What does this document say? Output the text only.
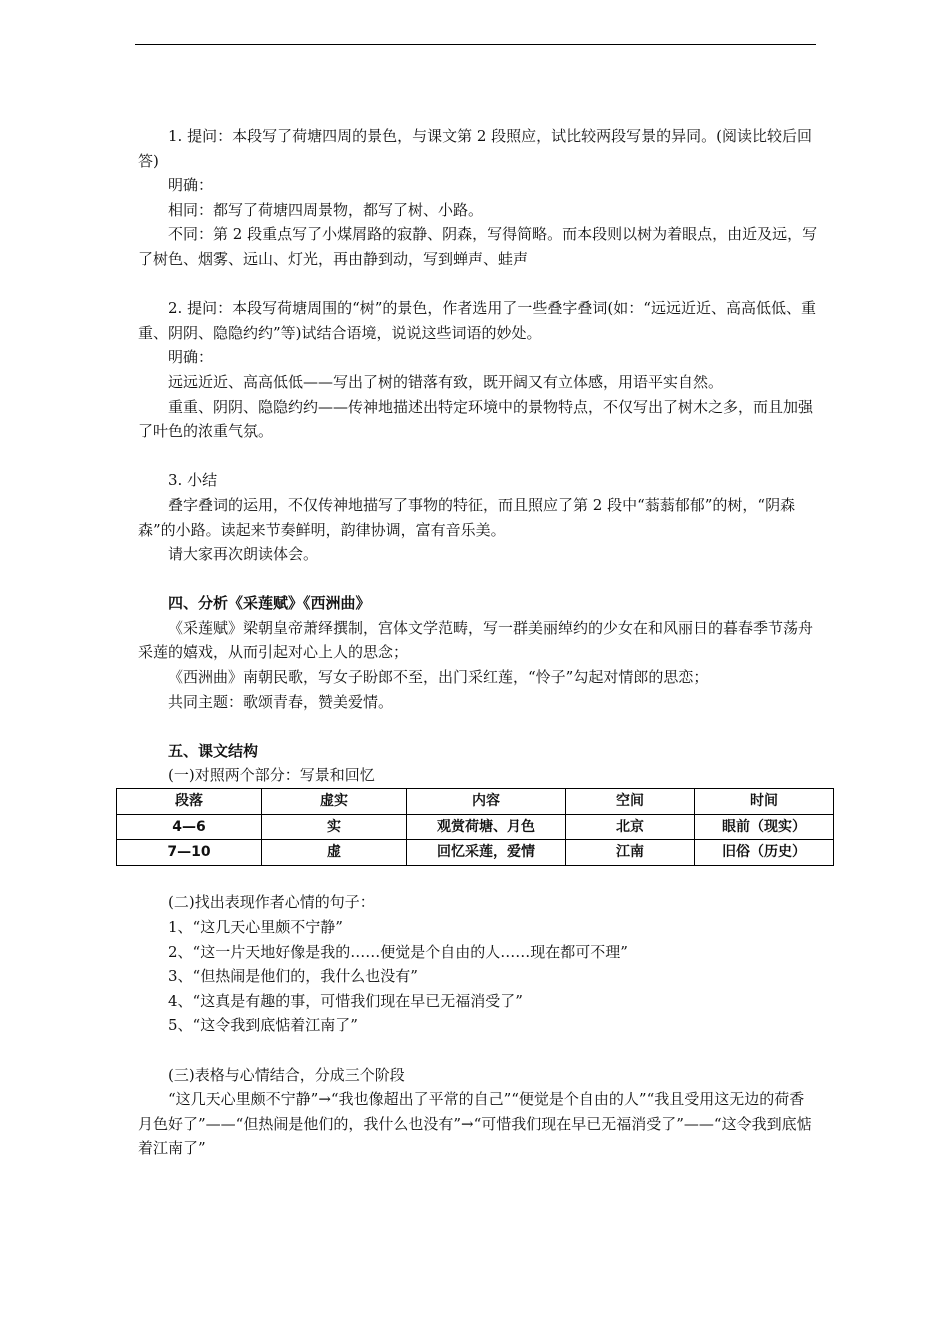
1. 提问：本段写了荷塘四周的景色，与课文第 2 段照应，试比较两段写景的异同。(阅读比较后回答)

明确：

相同：都写了荷塘四周景物，都写了树、小路。

不同：第 2 段重点写了小煤屑路的寂静、阴森，写得简略。而本段则以树为着眼点，由近及远，写了树色、烟雾、远山、灯光，再由静到动，写到蝉声、蛙声

2. 提问：本段写荷塘周围的“树”的景色，作者选用了一些叠字叠词(如：“远远近近、高高低低、重重、阴阴、隐隐约约”等)试结合语境，说说这些词语的妙处。

明确：

远远近近、高高低低——写出了树的错落有致，既开阔又有立体感，用语平实自然。

重重、阴阴、隐隐约约——传神地描述出特定环境中的景物特点，不仅写出了树木之多，而且加强了叶色的浓重气氛。

3. 小结

叠字叠词的运用，不仅传神地描写了事物的特征，而且照应了第 2 段中“蓊蓊郁郁”的树，“阴森森”的小路。读起来节奏鲜明，韵律协调，富有音乐美。

请大家再次朗读体会。

四、分析《采莲赋》《西洲曲》

《采莲赋》梁朝皇帝萧绎撰制，宫体文学范畴，写一群美丽绰约的少女在和风丽日的暮春季节荡舟采莲的嬉戏，从而引起对心上人的思念；

《西洲曲》南朝民歌，写女子盼郎不至，出门采红莲，“怜子”勾起对情郎的思恋；

共同主题：歌颂青春，赞美爱情。

五、课文结构

(一)对照两个部分：写景和回忆

段落	虚实	内容	空间	时间
4—6	实	观赏荷塘、月色	北京	眼前（现实）
7—10	虚	回忆采莲，爱情	江南	旧俗（历史）

(二)找出表现作者心情的句子：

1、“这几天心里颇不宁静”

2、“这一片天地好像是我的……便觉是个自由的人……现在都可不理”

3、“但热闹是他们的，我什么也没有”

4、“这真是有趣的事，可惜我们现在早已无福消受了”

5、“这令我到底惦着江南了”

(三)表格与心情结合，分成三个阶段

“这几天心里颇不宁静”→“我也像超出了平常的自己”“便觉是个自由的人”“我且受用这无边的荷香月色好了”——“但热闹是他们的，我什么也没有”→“可惜我们现在早已无福消受了”——“这令我到底惦着江南了”
